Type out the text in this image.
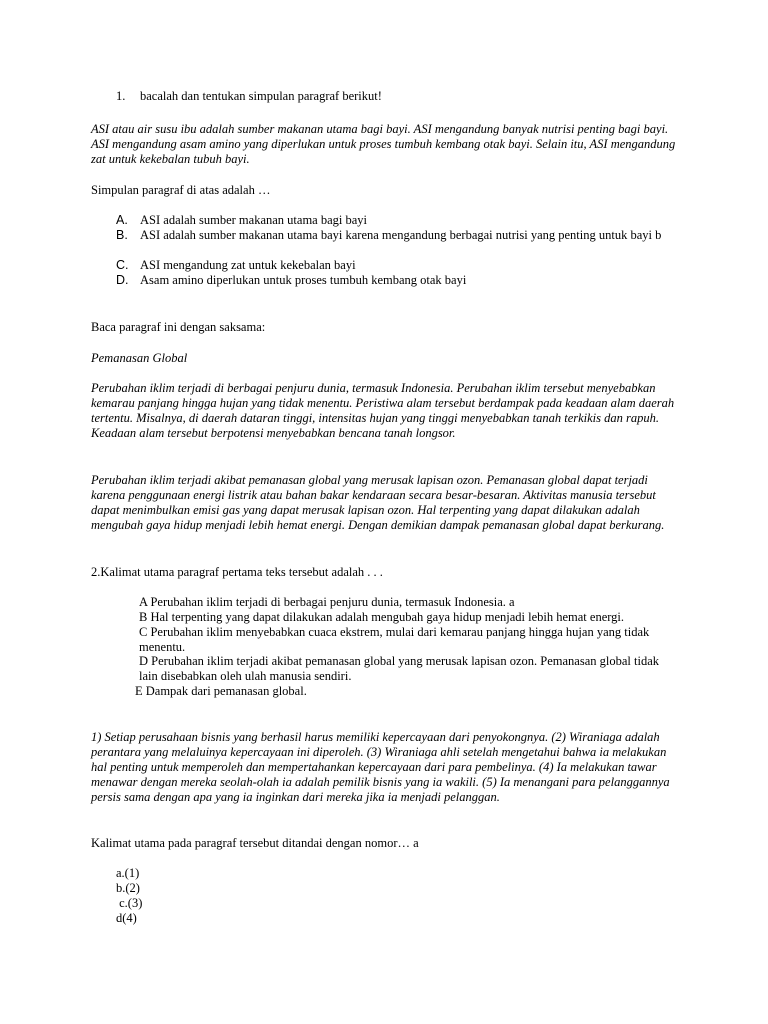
1. bacalah dan tentukan simpulan paragraf berikut!
ASI atau air susu ibu adalah sumber makanan utama bagi bayi. ASI mengandung banyak nutrisi penting bagi bayi. ASI mengandung asam amino yang diperlukan untuk proses tumbuh kembang otak bayi. Selain itu, ASI mengandung zat untuk kekebalan tubuh bayi.
Simpulan paragraf di atas adalah …
A. ASI adalah sumber makanan utama bagi bayi
B. ASI adalah sumber makanan utama bayi karena mengandung berbagai nutrisi yang penting untuk bayi b
C. ASI mengandung zat untuk kekebalan bayi
D. Asam amino diperlukan untuk proses tumbuh kembang otak bayi
Baca paragraf ini dengan saksama:
Pemanasan Global
Perubahan iklim terjadi di berbagai penjuru dunia, termasuk Indonesia. Perubahan iklim tersebut menyebabkan kemarau panjang hingga hujan yang tidak menentu. Peristiwa alam tersebut berdampak pada keadaan alam daerah tertentu. Misalnya, di daerah dataran tinggi, intensitas hujan yang tinggi menyebabkan tanah terkikis dan rapuh. Keadaan alam tersebut berpotensi menyebabkan bencana tanah longsor.
Perubahan iklim terjadi akibat pemanasan global yang merusak lapisan ozon. Pemanasan global dapat terjadi karena penggunaan energi listrik atau bahan bakar kendaraan secara besar-besaran. Aktivitas manusia tersebut dapat menimbulkan emisi gas yang dapat merusak lapisan ozon. Hal terpenting yang dapat dilakukan adalah mengubah gaya hidup menjadi lebih hemat energi. Dengan demikian dampak pemanasan global dapat berkurang.
2.Kalimat utama paragraf pertama teks tersebut adalah . . .
A Perubahan iklim terjadi di berbagai penjuru dunia, termasuk Indonesia. a
B Hal terpenting yang dapat dilakukan adalah mengubah gaya hidup menjadi lebih hemat energi.
C Perubahan iklim menyebabkan cuaca ekstrem, mulai dari kemarau panjang hingga hujan yang tidak menentu.
D Perubahan iklim terjadi akibat pemanasan global yang merusak lapisan ozon. Pemanasan global tidak lain disebabkan oleh ulah manusia sendiri.
E Dampak dari pemanasan global.
1) Setiap perusahaan bisnis yang berhasil harus memiliki kepercayaan dari penyokongnya. (2) Wiraniaga adalah perantara yang melaluinya kepercayaan ini diperoleh. (3) Wiraniaga ahli setelah mengetahui bahwa ia melakukan hal penting untuk memperoleh dan mempertahankan kepercayaan dari para pembelinya. (4) Ia melakukan tawar menawar dengan mereka seolah-olah ia adalah pemilik bisnis yang ia wakili. (5) Ia menangani para pelanggannya persis sama dengan apa yang ia inginkan dari mereka jika ia menjadi pelanggan.
Kalimat utama pada paragraf tersebut ditandai dengan nomor… a
a.(1)
b.(2)
c.(3)
d(4)
